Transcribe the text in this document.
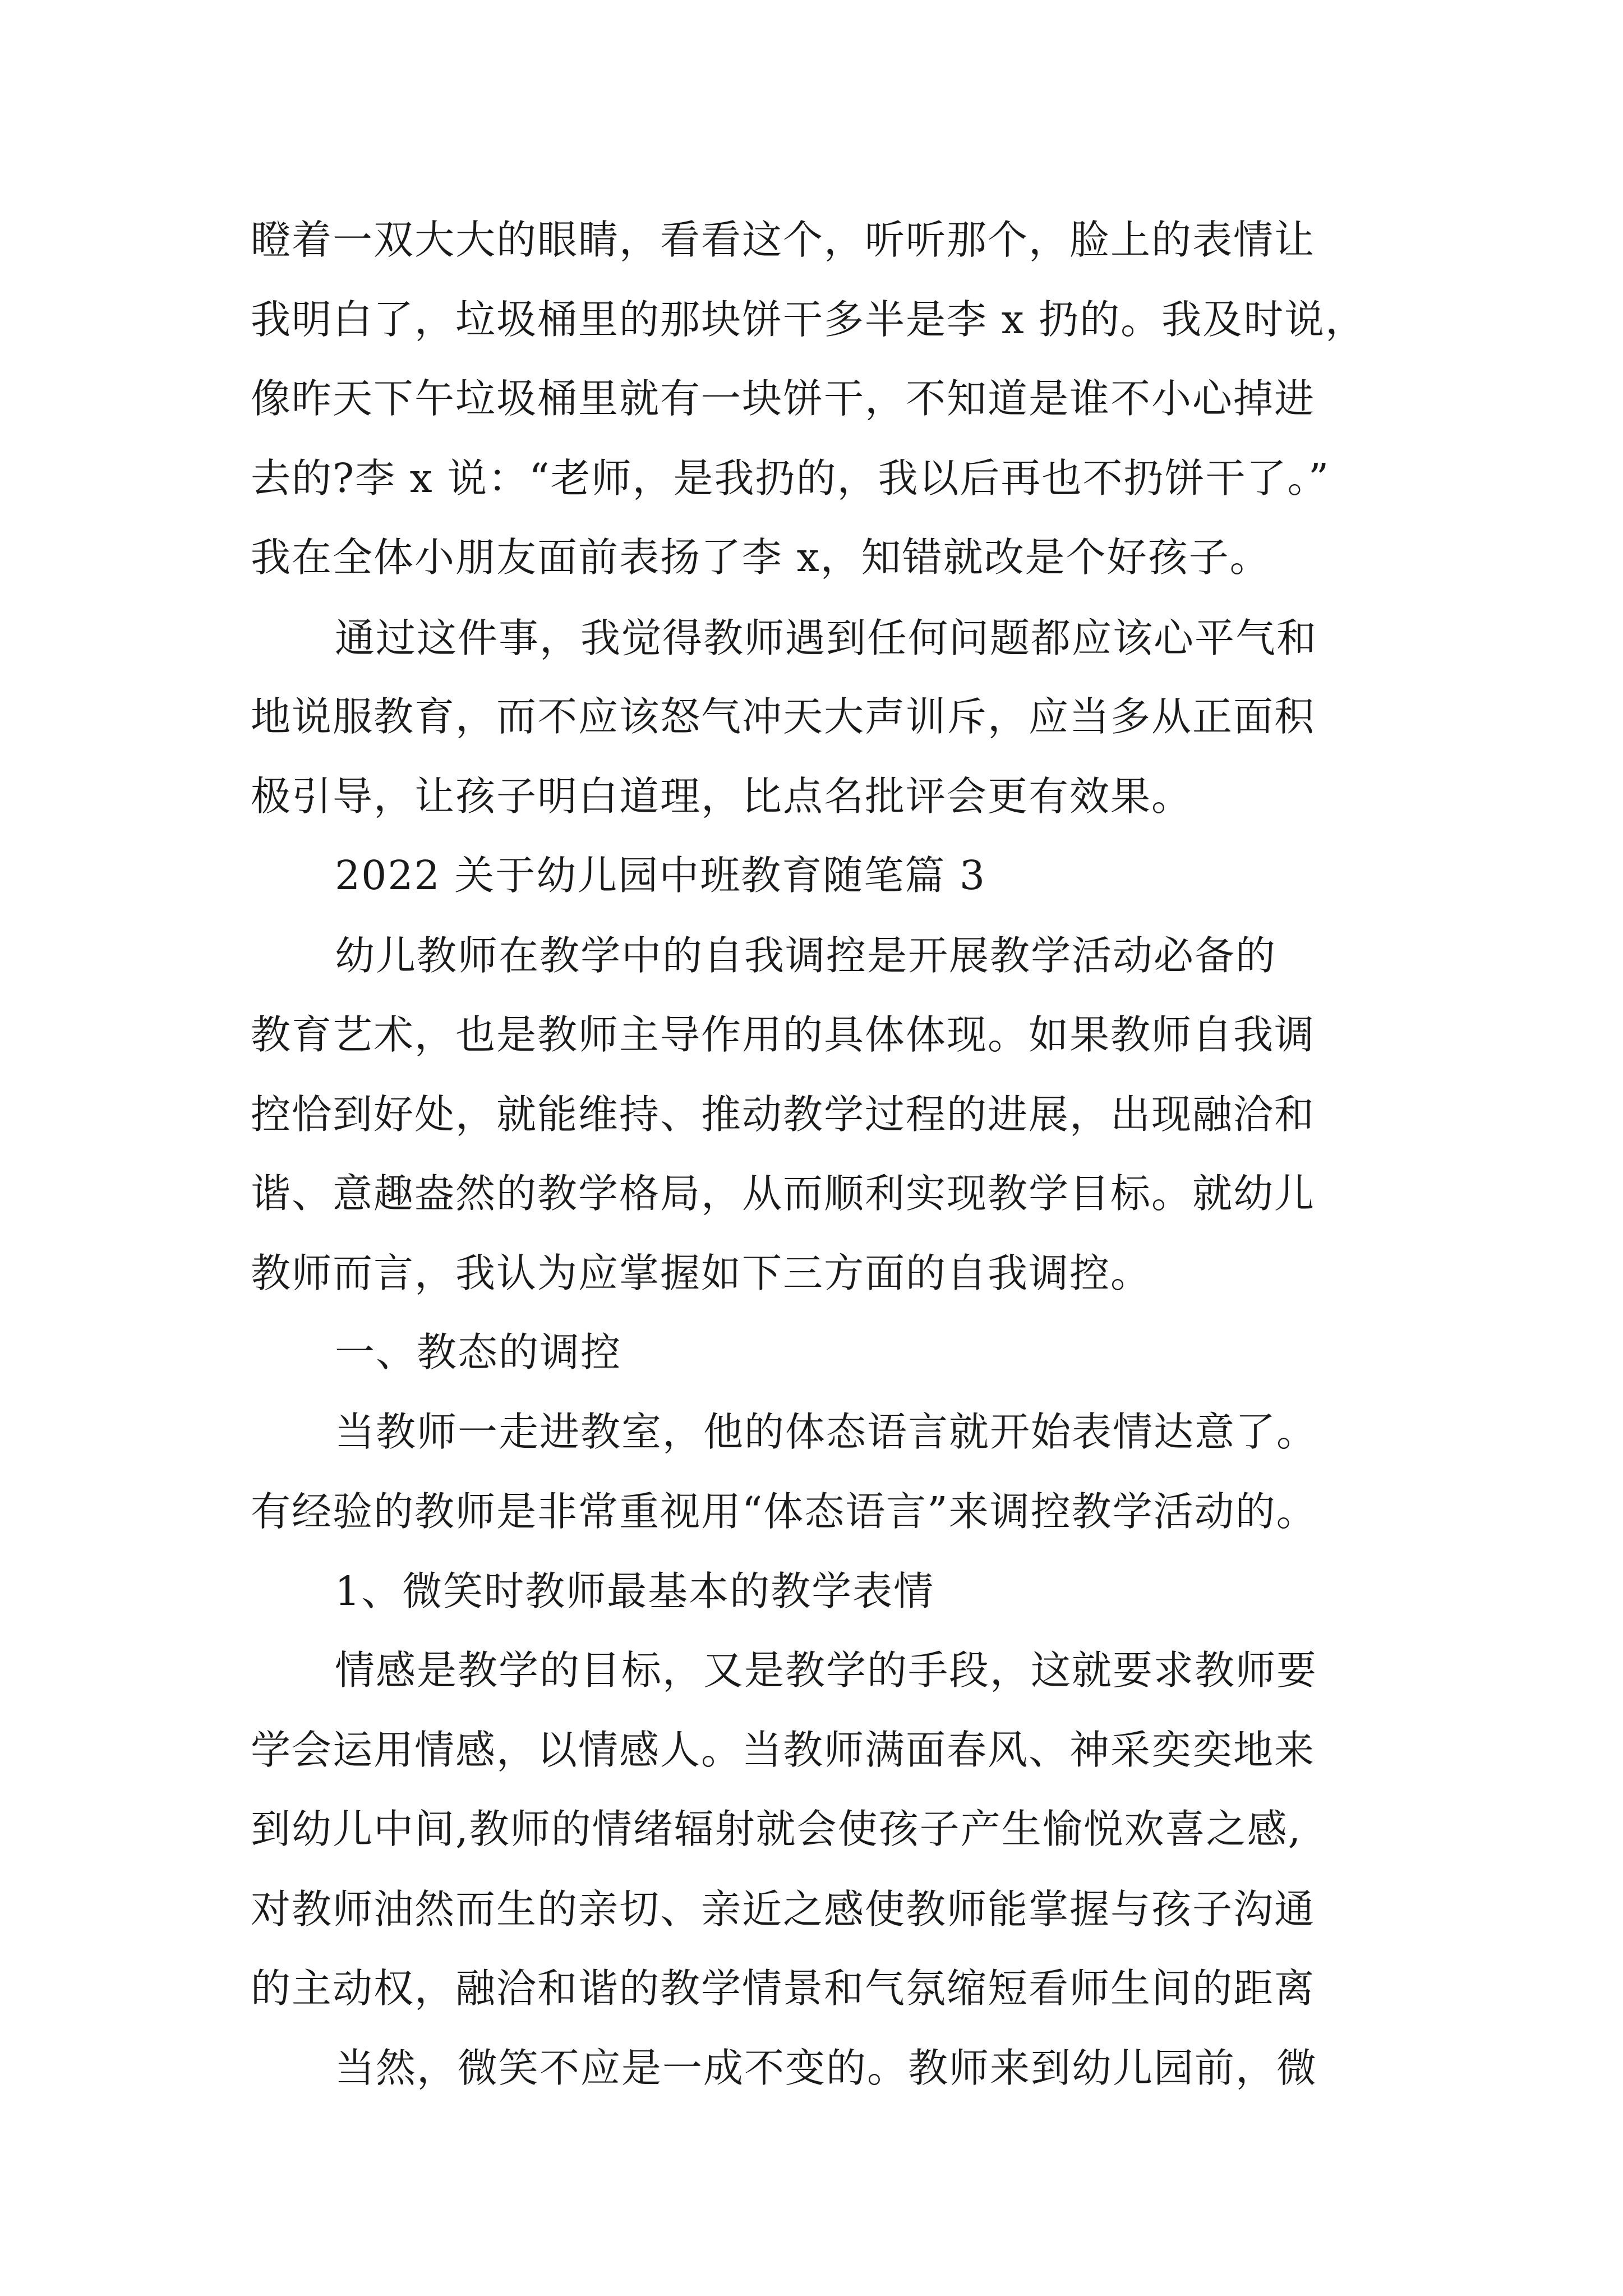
瞪着一双大大的眼睛，看看这个，听听那个，脸上的表情让
我明白了，垃圾桶里的那块饼干多半是李 x 扔的。我及时说，
像昨天下午垃圾桶里就有一块饼干，不知道是谁不小心掉进
去的?李 x 说：“老师，是我扔的，我以后再也不扔饼干了。”
我在全体小朋友面前表扬了李 x，知错就改是个好孩子。
通过这件事，我觉得教师遇到任何问题都应该心平气和
地说服教育，而不应该怒气冲天大声训斥，应当多从正面积
极引导，让孩子明白道理，比点名批评会更有效果。
2022 关于幼儿园中班教育随笔篇 3
幼儿教师在教学中的自我调控是开展教学活动必备的
教育艺术，也是教师主导作用的具体体现。如果教师自我调
控恰到好处，就能维持、推动教学过程的进展，出现融洽和
谐、意趣盎然的教学格局，从而顺利实现教学目标。就幼儿
教师而言，我认为应掌握如下三方面的自我调控。
一、教态的调控
当教师一走进教室，他的体态语言就开始表情达意了。
有经验的教师是非常重视用“体态语言”来调控教学活动的。
1、微笑时教师最基本的教学表情
情感是教学的目标，又是教学的手段，这就要求教师要
学会运用情感，以情感人。当教师满面春风、神采奕奕地来
到幼儿中间,教师的情绪辐射就会使孩子产生愉悦欢喜之感,
对教师油然而生的亲切、亲近之感使教师能掌握与孩子沟通
的主动权，融洽和谐的教学情景和气氛缩短看师生间的距离
当然，微笑不应是一成不变的。教师来到幼儿园前，微
